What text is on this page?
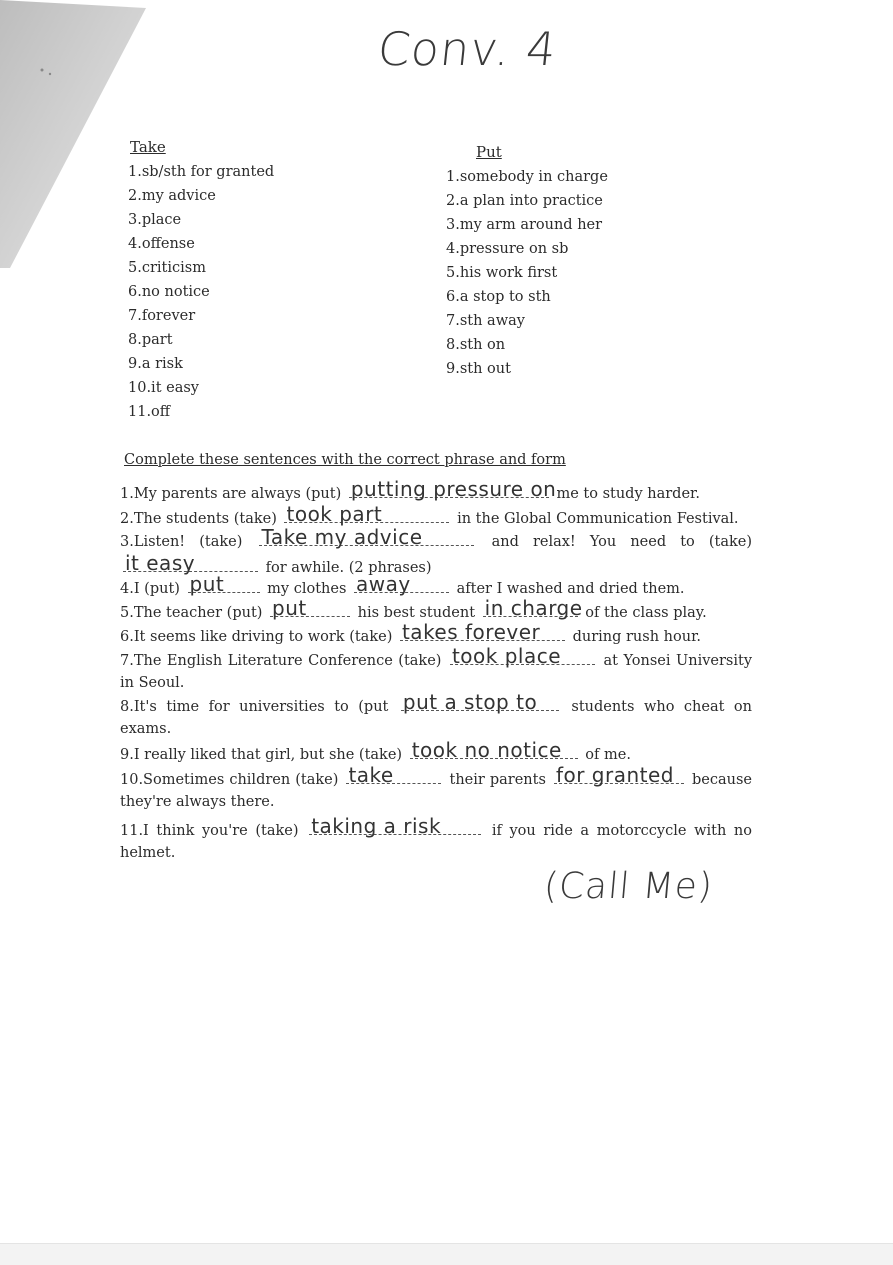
Conv. 4
Take
1.sb/sth for granted
2.my advice
3.place
4.offense
5.criticism
6.no notice
7.forever
8.part
9.a risk
10.it easy
11.off
Put
1.somebody in charge
2.a plan into practice
3.my arm around her
4.pressure on sb
5.his work first
6.a stop to sth
7.sth away
8.sth on
9.sth out
Complete these sentences with the correct phrase and form
1.My parents are always (put) putting pressure on me to study harder.
2.The students (take) took part	in the Global Communication Festival.
3.Listen! (take) Take my advice	and relax! You need to (take)
it easy	for awhile. (2 phrases)
4.I (put) put	my clothes away	after I washed and dried them.
5.The teacher (put) put	his best student in charge of the class play.
6.It seems like driving to work (take) takes forever during rush hour.
7.The English Literature Conference (take) took place	at Yonsei University in Seoul.
8.It's time for universities to (put put a stop to students who cheat on exams.
9.I really liked that girl, but she (take) took no notice of me.
10.Sometimes children (take) take	their parents for granted because they're always there.
11.I think you're (take) taking a risk	if you ride a motorccycle with no helmet.
(Call Me)
